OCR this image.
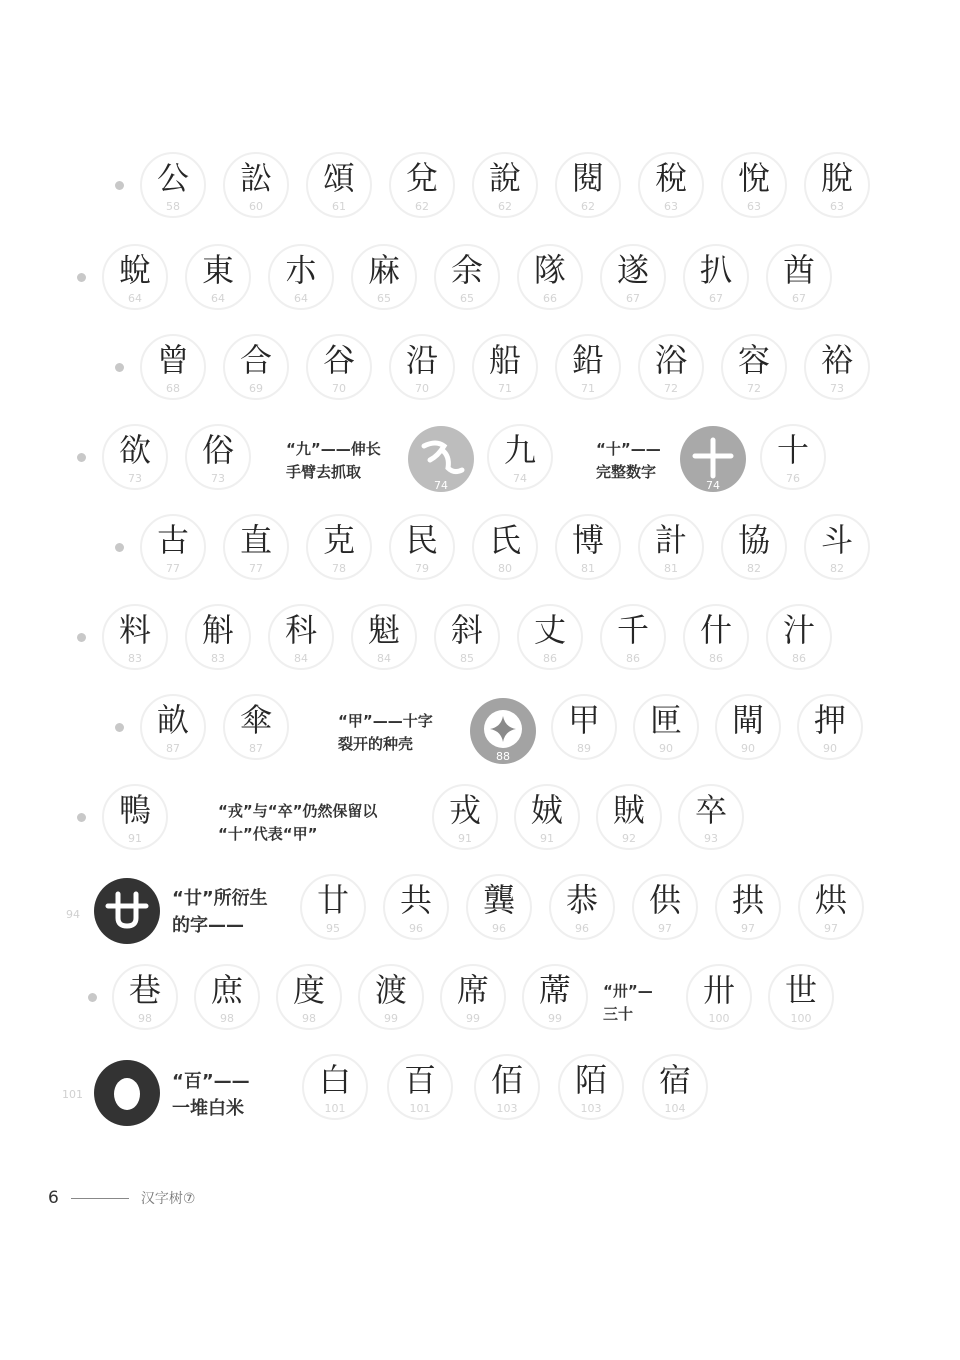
公
58
訟
60
頌
61
兌
62
說
62
閱
62
稅
63
悅
63
脫
63
蛻
64
東
64
朩
64
麻
65
余
65
隊
66
遂
67
扒
67
酋
67
曾
68
合
69
谷
70
沿
70
船
71
鉛
71
浴
72
容
72
裕
73
欲
73
俗
73
古
77
直
77
克
78
民
79
氏
80
博
81
計
81
協
82
斗
82
料
83
斛
83
科
84
魁
84
斜
85
丈
86
千
86
什
86
汁
86
畝
87
傘
87
鴨
91
九
74
十
76
甲
89
匣
90
閘
90
押
90
戎
91
娀
91
賊
92
卒
93
廿
95
共
96
龔
96
恭
96
供
97
拱
97
烘
97
巷
98
庶
98
度
98
渡
99
席
99
蓆
99
卅
100
世
100
白
101
百
101
佰
103
陌
103
宿
104
“九”——伸长
手臂去抓取
74
“十”——
完整数字
74
“甲”——十字
裂开的种壳
88
“戎”与“卒”仍然保留以
“十”代表“甲”
94
“廿”所衍生
的字——
“卅”—
三十
101
“百”——
一堆白米
6	汉字树⑦
